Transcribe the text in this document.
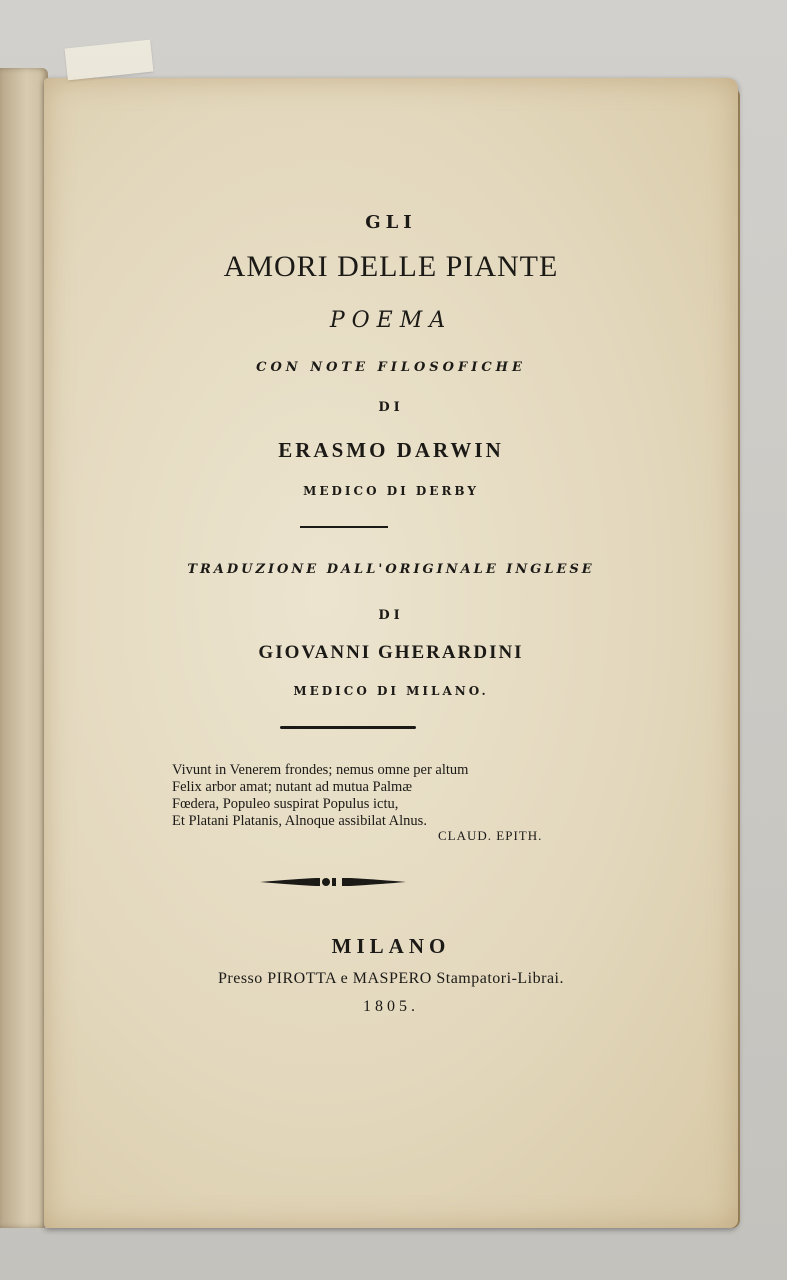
GLI
AMORI DELLE PIANTE
POEMA
CON NOTE FILOSOFICHE
DI
ERASMO DARWIN
MEDICO DI DERBY
TRADUZIONE DALL'ORIGINALE INGLESE
DI
GIOVANNI GHERARDINI
MEDICO DI MILANO.
Vivunt in Venerem frondes; nemus omne per altum
Felix arbor amat; nutant ad mutua Palmæ
Fœdera, Populeo suspirat Populus ictu,
Et Platani Platanis, Alnoque assibilat Alnus.
CLAUD. EPITH.
MILANO
Presso PIROTTA e MASPERO Stampatori-Librai.
1805.
